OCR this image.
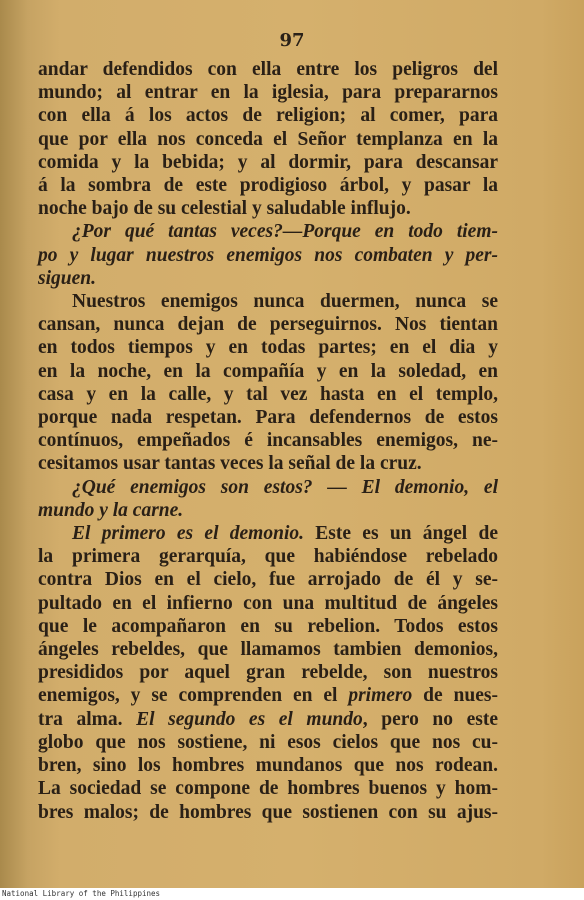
97
andar defendidos con ella entre los peligros del
mundo; al entrar en la iglesia, para prepararnos
con ella á los actos de religion; al comer, para
que por ella nos conceda el Señor templanza en la
comida y la bebida; y al dormir, para descansar
á la sombra de este prodigioso árbol, y pasar la
noche bajo de su celestial y saludable influjo.
¿Por qué tantas veces?—Porque en todo tiem-
po y lugar nuestros enemigos nos combaten y per-
siguen.
Nuestros enemigos nunca duermen, nunca se
cansan, nunca dejan de perseguirnos. Nos tientan
en todos tiempos y en todas partes; en el dia y
en la noche, en la compañía y en la soledad, en
casa y en la calle, y tal vez hasta en el templo,
porque nada respetan. Para defendernos de estos
contínuos, empeñados é incansables enemigos, ne-
cesitamos usar tantas veces la señal de la cruz.
¿Qué enemigos son estos? — El demonio, el
mundo y la carne.
El primero es el demonio. Este es un ángel de
la primera gerarquía, que habiéndose rebelado
contra Dios en el cielo, fue arrojado de él y se-
pultado en el infierno con una multitud de ángeles
que le acompañaron en su rebelion. Todos estos
ángeles rebeldes, que llamamos tambien demonios,
presididos por aquel gran rebelde, son nuestros
enemigos, y se comprenden en el primero de nues-
tra alma. El segundo es el mundo, pero no este
globo que nos sostiene, ni esos cielos que nos cu-
bren, sino los hombres mundanos que nos rodean.
La sociedad se compone de hombres buenos y hom-
bres malos; de hombres que sostienen con su ajus-
National Library of the Philippines
